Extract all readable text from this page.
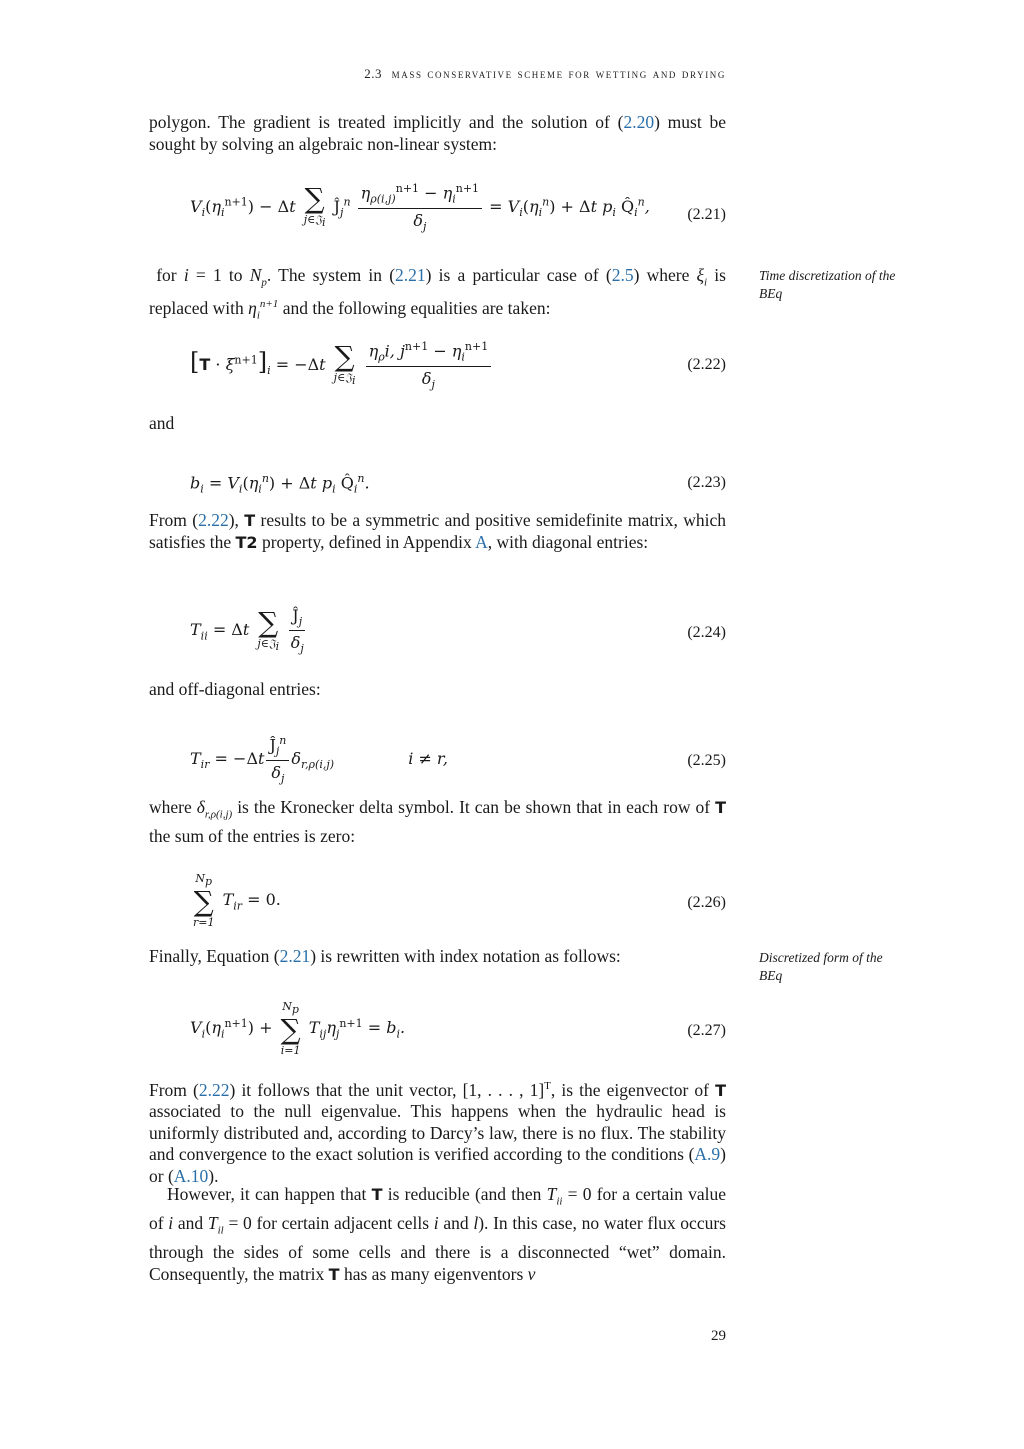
2.3 mass conservative scheme for wetting and drying

polygon. The gradient is treated implicitly and the solution of (2.20) must be sought by solving an algebraic non-linear system:

$V_i(\eta_i^{n+1}) - \Delta t$ ∑
j∈𝔍$_i$
$Ĵ_j^n \frac{\eta_{\rho(i,j)}^{n+1} - \eta_i^{n+1}}{\delta_j} = V_i(\eta_i^n) + \Delta t$ $p_i$ $Q̂_i^n$, (2.21)

for i = 1 to $N_p$. The system in (2.21) is a particular case of (2.5) where $\xi_i$ is replaced with $\eta_i^{n+1}$ and the following equalities are taken:

Time discretization of the BEq
$[T \cdot \xi^{n+1}]_i = -\Delta t$ ∑
j∈𝔍$_i$
$\frac{\eta_\rho i, j^{n+1} - \eta_i^{n+1}}{\delta_j}$	(2.22)

and

$b_i = V_i(\eta_i^n) + \Delta t$ $p_i$ $Q̂_i^n$.	(2.23)

From (2.22), T results to be a symmetric and positive semidefinite matrix, which satisfies the T2 property, defined in Appendix A, with diagonal entries:

$T_{ii} = \Delta t$ ∑
j∈𝔍$_i$
$\frac{Ĵ_j}{\delta_j}$	(2.24)

and off-diagonal entries:

$T_{ir} = -\Delta t \frac{Ĵ_j^n}{\delta_j} \delta_{r,\rho(i,j)}$	i ≠ r,	(2.25)

where $\delta_{r,\rho(i,j)}$ is the Kronecker delta symbol. It can be shown that in each row of T the sum of the entries is zero:

$N_p$
∑
r=1
$T_{ir} = 0$.	(2.26)

Finally, Equation (2.21) is rewritten with index notation as follows:	Discretized form of the BEq
$V_i(\eta_i^{n+1})$ +
$N_p$
∑
i=1
$T_{ij}\eta_j^{n+1} = b_i$.	(2.27)

From (2.22) it follows that the unit vector, [1, . . . , 1]$^T$, is the eigenvector of T associated to the null eigenvalue. This happens when the hydraulic head is uniformly distributed and, according to Darcy’s law, there is no flux. The stability and convergence to the exact solution is verified according to the conditions (A.9) or (A.10).

However, it can happen that T is reducible (and then $T_{ii} = 0$ for a certain value of i and $T_{il} = 0$ for certain adjacent cells i and l). In this case, no water flux occurs through the sides of some cells and there is a disconnected “wet” domain. Consequently, the matrix T has as many eigenventors v⃗

29
